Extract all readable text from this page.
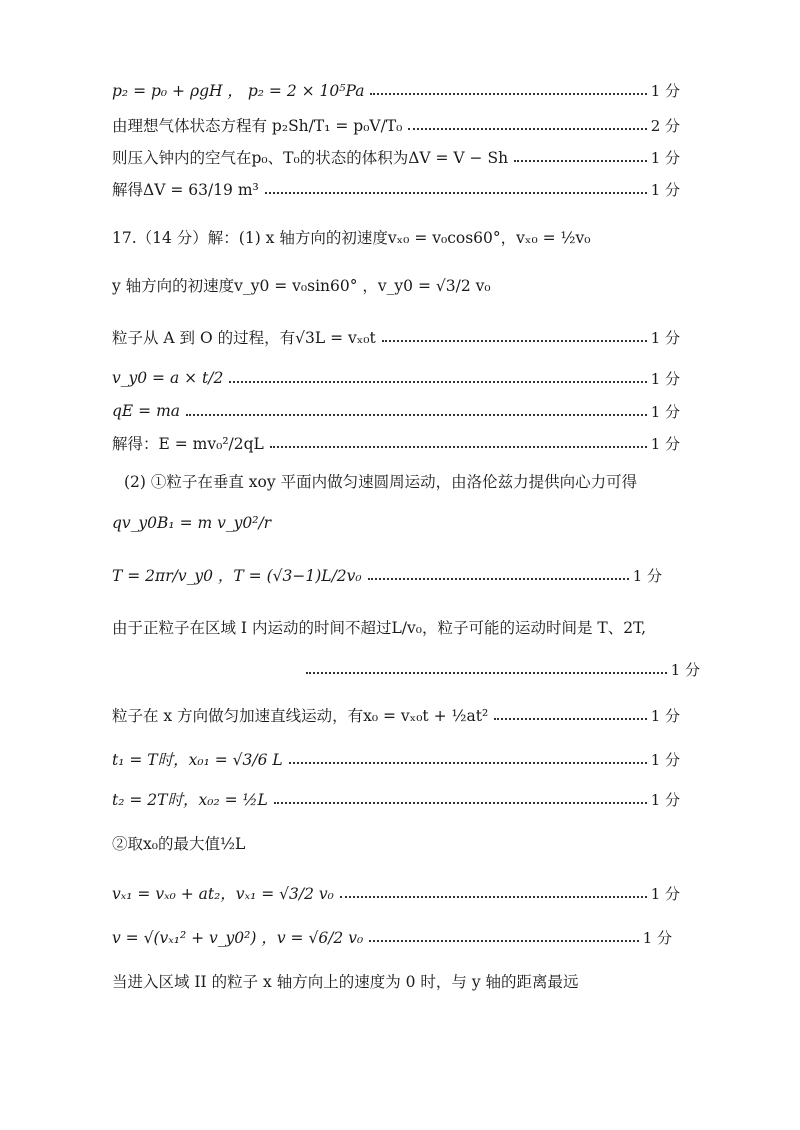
p₂ = p₀ + ρgH ， p₂ = 2 × 10⁵Pa	1 分
由理想气体状态方程有 p₂Sh/T₁ = p₀V/T₀	2 分
则压入钟内的空气在p₀、T₀的状态的体积为ΔV = V − Sh	1 分
解得ΔV = 63/19 m³	1 分
17.（14 分）解：(1) x 轴方向的初速度vₓ₀ = v₀cos60°，vₓ₀ = ½v₀
y 轴方向的初速度v_y0 = v₀sin60° ，v_y0 = √3/2 v₀
粒子从 A 到 O 的过程，有√3L = vₓ₀t	1 分
v_y0 = a × t/2	1 分
qE = ma	1 分
解得：E = mv₀²/2qL	1 分
(2) ①粒子在垂直 xoy 平面内做匀速圆周运动，由洛伦兹力提供向心力可得
qv_y0B₁ = m v_y0²/r
T = 2πr/v_y0 ，T = (√3−1)L/2v₀	1 分
由于正粒子在区域 I 内运动的时间不超过L/v₀，粒子可能的运动时间是 T、2T,
1 分
粒子在 x 方向做匀加速直线运动，有x₀ = vₓ₀t + ½at²	1 分
t₁ = T时，x₀₁ = √3/6 L	1 分
t₂ = 2T时，x₀₂ = ½L	1 分
②取x₀的最大值½L
vₓ₁ = vₓ₀ + at₂，vₓ₁ = √3/2 v₀	1 分
v = √(vₓ₁² + v_y0²) ，v = √6/2 v₀	1 分
当进入区域 II 的粒子 x 轴方向上的速度为 0 时，与 y 轴的距离最远
